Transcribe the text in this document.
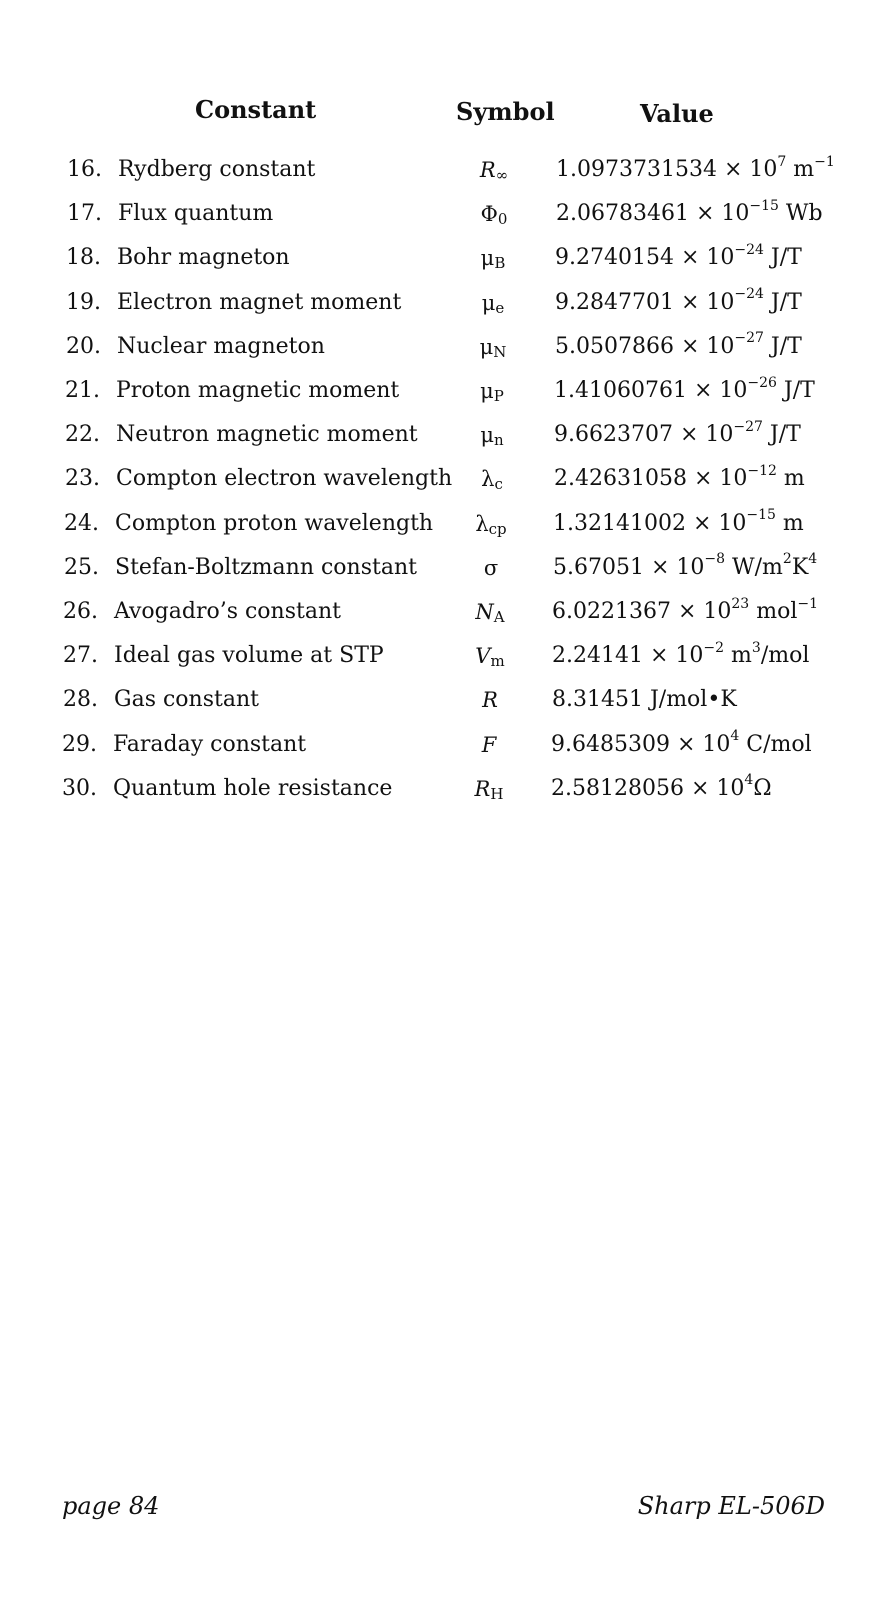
Constant	Symbol	Value
16. Rydberg constant	R∞	$1.0973731534 \times 10^7$ $m^{-1}$
17. Flux quantum	Φ0	$2.06783461 \times 10^{-15}$ Wb
18. Bohr magneton	μB	$9.2740154 \times 10^{-24}$ J/T
19. Electron magnet moment	μe	$9.2847701 \times 10^{-24}$ J/T
20. Nuclear magneton	μN	$5.0507866 \times 10^{-27}$ J/T
21. Proton magnetic moment	μP	$1.41060761 \times 10^{-26}$ J/T
22. Neutron magnetic moment	μn	$9.6623707 \times 10^{-27}$ J/T
23. Compton electron wavelength	λc	$2.42631058 \times 10^{-12}$ m
24. Compton proton wavelength	λcp	$1.32141002 \times 10^{-15}$ m
25. Stefan-Boltzmann constant	σ	$5.67051 \times 10^{-8}$ $W/m^2K^4$
26. Avogadro’s constant	NA	$6.0221367 \times 10^{23}$ mol$^{-1}$
27. Ideal gas volume at STP	Vm	$2.24141 \times 10^{-2}$ $m^3$/mol
28. Gas constant	R	8.31451 J/mol•K
29. Faraday constant	F	$9.6485309 \times 10^4$ C/mol
30. Quantum hole resistance	RH	$2.58128056 \times 10^4\Omega$
page 84	Sharp EL-506D
